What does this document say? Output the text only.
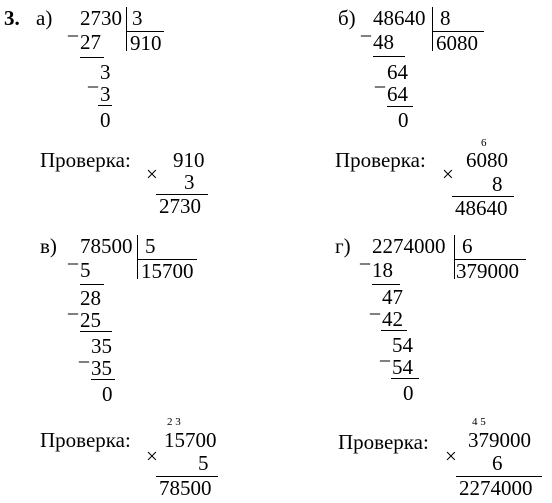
3. а) _ 2730 3
910
27
_ 3
3
0
Проверка: 910
× 3
2730
б) _ 48640 8
6080
48
_ 64
64
0
Проверка:
6
6080
× 8
48640
в) _ 78500 5
15700
5
_ 28
25
_ 35
35
0
Проверка:
2 3
15700
× 5
78500
г) _ 2274000 6
379000
18
_ 47
42
_ 54
54
0
Проверка:
4 5
379000
× 6
2274000
